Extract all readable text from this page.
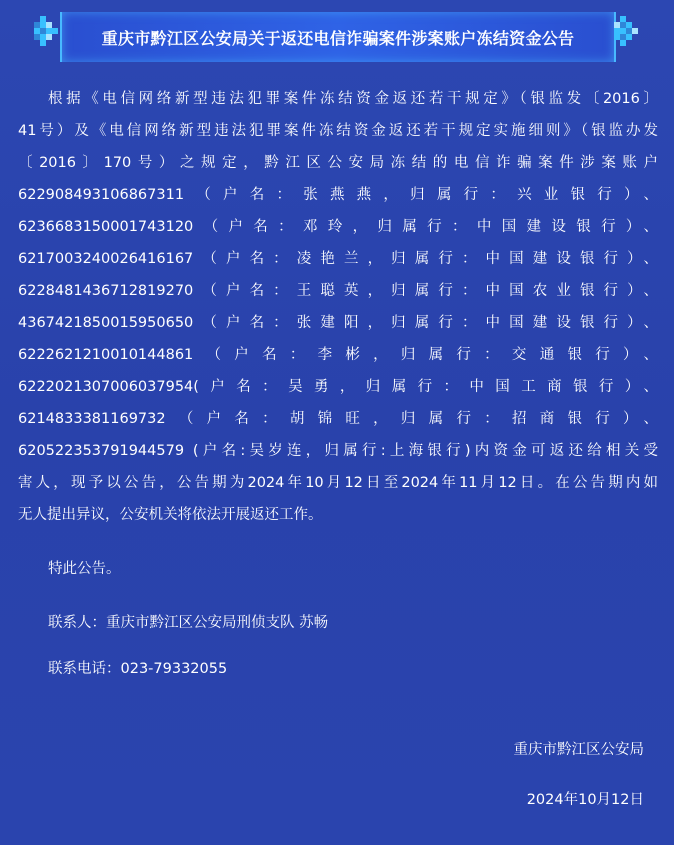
重庆市黔江区公安局关于返还电信诈骗案件涉案账户冻结资金公告
根据《电信网络新型违法犯罪案件冻结资金返还若干规定》（银监发〔2016〕
41号）及《电信网络新型违法犯罪案件冻结资金返还若干规定实施细则》（银监办发
〔2016〕170号）之规定，黔江区公安局冻结的电信诈骗案件涉案账户
622908493106867311（户名：张燕燕，归属行：兴业银行）、
6236683150001743120（户名：邓玲，归属行：中国建设银行）、
6217003240026416167（户名：凌艳兰，归属行：中国建设银行）、
6228481436712819270（户名：王聪英，归属行：中国农业银行）、
4367421850015950650（户名：张建阳，归属行：中国建设银行）、
6222621210010144861（户名：李彬，归属行：交通银行）、
6222021307006037954(户名：吴勇，归属行：中国工商银行）、
6214833381169732（户名：胡锦旺，归属行：招商银行）、
620522353791944579 (户名:吴岁连，归属行:上海银行)内资金可返还给相关受
害人，现予以公告，公告期为2024年10月12日至2024年11月12日。在公告期内如
无人提出异议，公安机关将依法开展返还工作。
特此公告。
联系人：重庆市黔江区公安局刑侦支队 苏畅
联系电话：023-79332055
重庆市黔江区公安局
2024年10月12日
